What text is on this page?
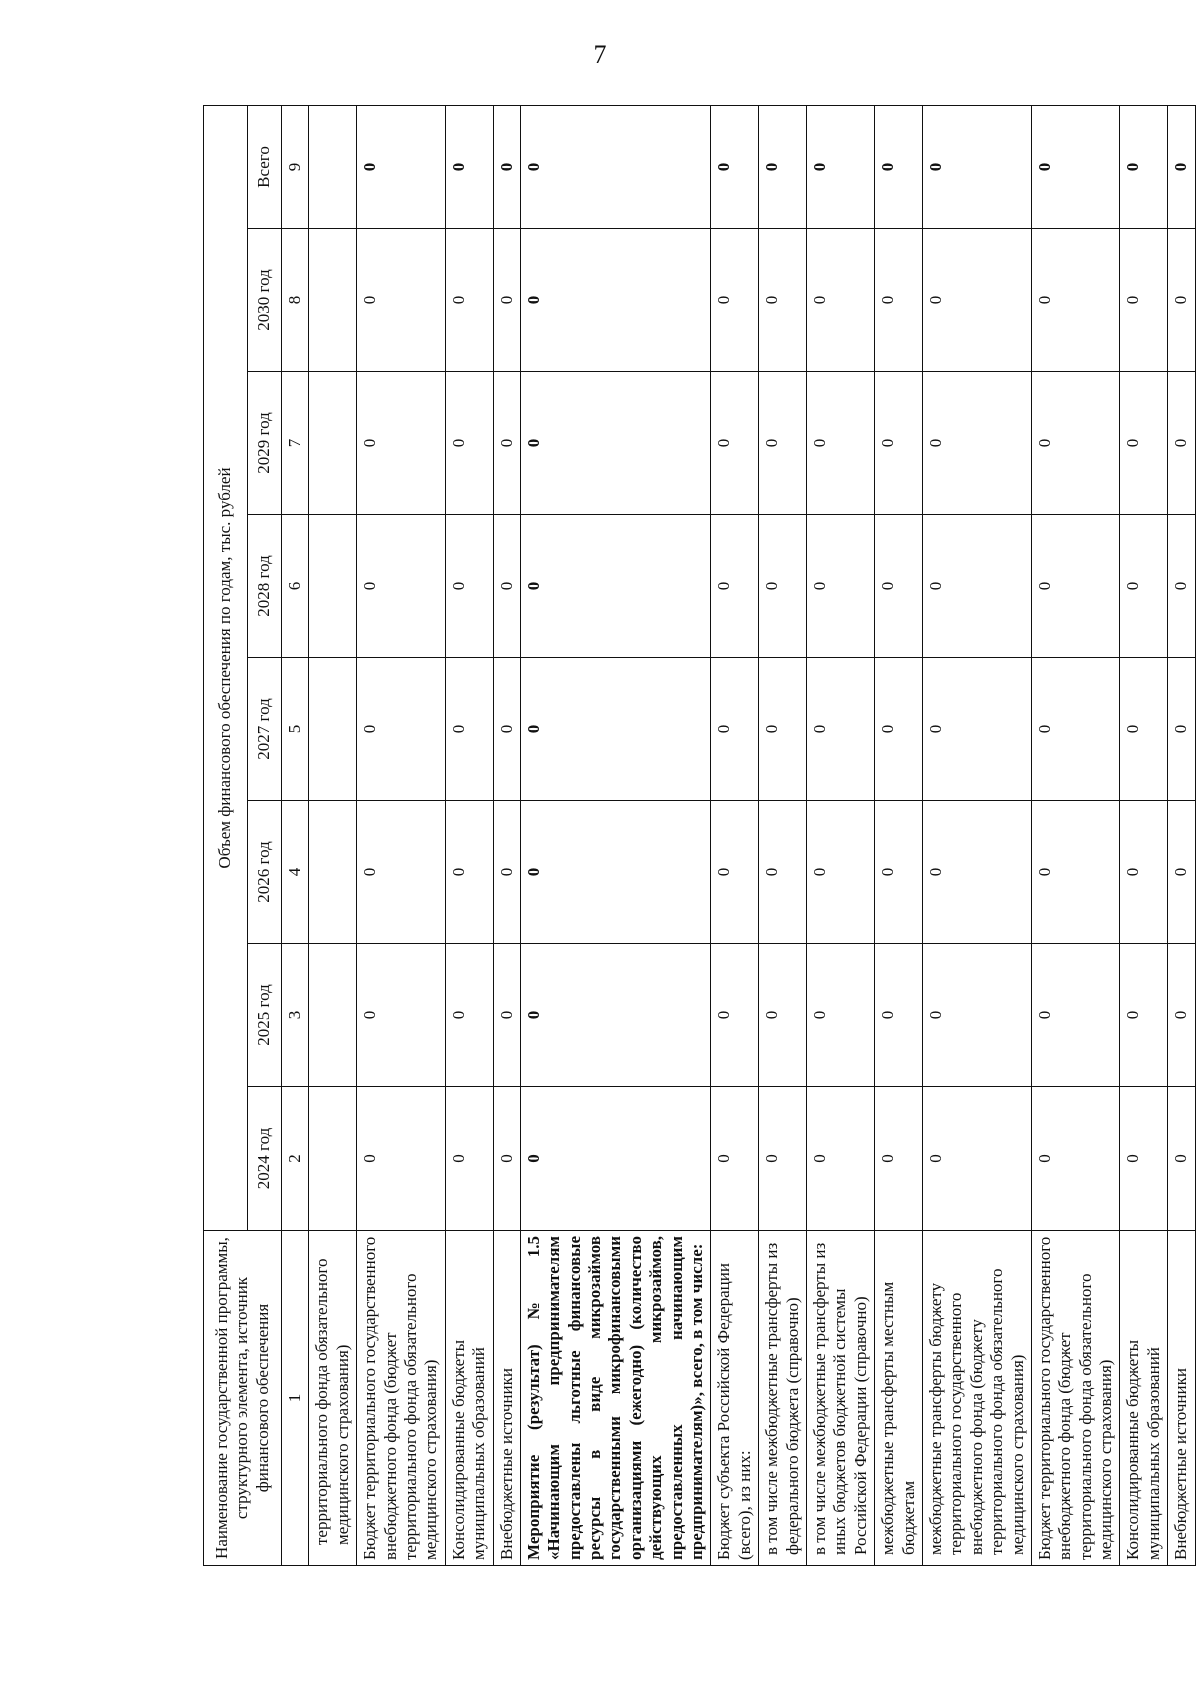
7
Наименование государственной программы, структурного элемента, источник финансового обеспечения	Объем финансового обеспечения по годам, тыс. рублей							
	2024 год	2025 год	2026 год	2027 год	2028 год	2029 год	2030 год	Всего
1	2	3	4	5	6	7	8	9
территориального фонда обязательного медицинского страхования)								
Бюджет территориального государственного внебюджетного фонда (бюджет территориального фонда обязательного медицинского страхования)	0	0	0	0	0	0	0	0
Консолидированные бюджеты муниципальных образований	0	0	0	0	0	0	0	0
Внебюджетные источники	0	0	0	0	0	0	0	0
Мероприятие (результат) № 1.5 «Начинающим предпринимателям предоставлены льготные финансовые ресурсы в виде микрозаймов государственными микрофинансовыми организациями (ежегодно) (количество действующих микрозаймов, предоставленных начинающим предпринимателям)», всего, в том числе:	0	0	0	0	0	0	0	0
Бюджет субъекта Российской Федерации (всего), из них:	0	0	0	0	0	0	0	0
в том числе межбюджетные трансферты из федерального бюджета (справочно)	0	0	0	0	0	0	0	0
в том числе межбюджетные трансферты из иных бюджетов бюджетной системы Российской Федерации (справочно)	0	0	0	0	0	0	0	0
межбюджетные трансферты местным бюджетам	0	0	0	0	0	0	0	0
межбюджетные трансферты бюджету территориального государственного внебюджетного фонда (бюджету территориального фонда обязательного медицинского страхования)	0	0	0	0	0	0	0	0
Бюджет территориального государственного внебюджетного фонда (бюджет территориального фонда обязательного медицинского страхования)	0	0	0	0	0	0	0	0
Консолидированные бюджеты муниципальных образований	0	0	0	0	0	0	0	0
Внебюджетные источники	0	0	0	0	0	0	0	0
